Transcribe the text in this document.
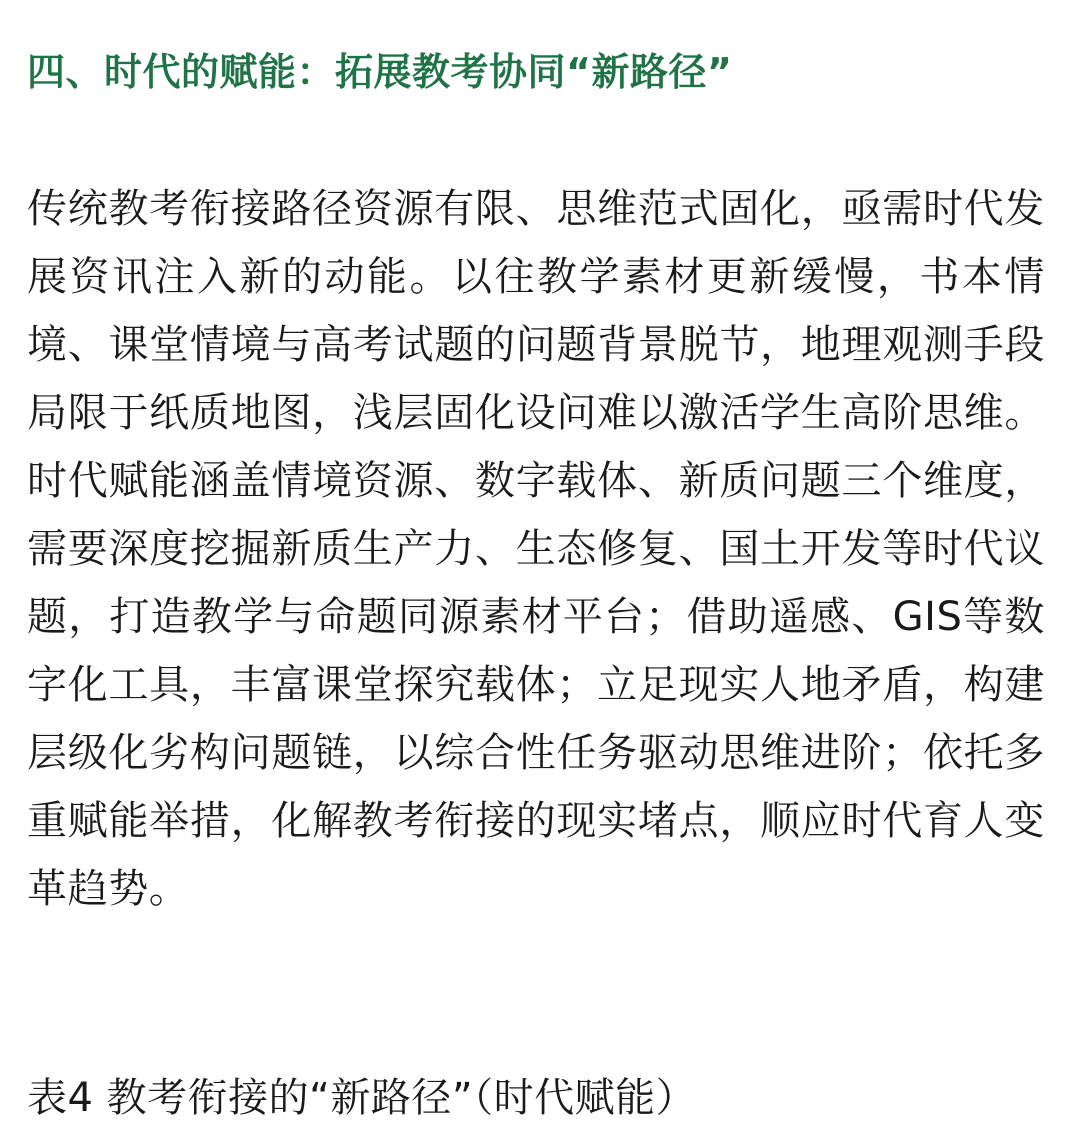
四、时代的赋能：拓展教考协同“新路径”

传统教考衔接路径资源有限、思维范式固化，亟需时代发展资讯注入新的动能。以往教学素材更新缓慢，书本情境、课堂情境与高考试题的问题背景脱节，地理观测手段局限于纸质地图，浅层固化设问难以激活学生高阶思维。时代赋能涵盖情境资源、数字载体、新质问题三个维度，需要深度挖掘新质生产力、生态修复、国土开发等时代议题，打造教学与命题同源素材平台；借助遥感、GIS等数字化工具，丰富课堂探究载体；立足现实人地矛盾，构建层级化劣构问题链，以综合性任务驱动思维进阶；依托多重赋能举措，化解教考衔接的现实堵点，顺应时代育人变革趋势。

表4 教考衔接的“新路径”（时代赋能）
